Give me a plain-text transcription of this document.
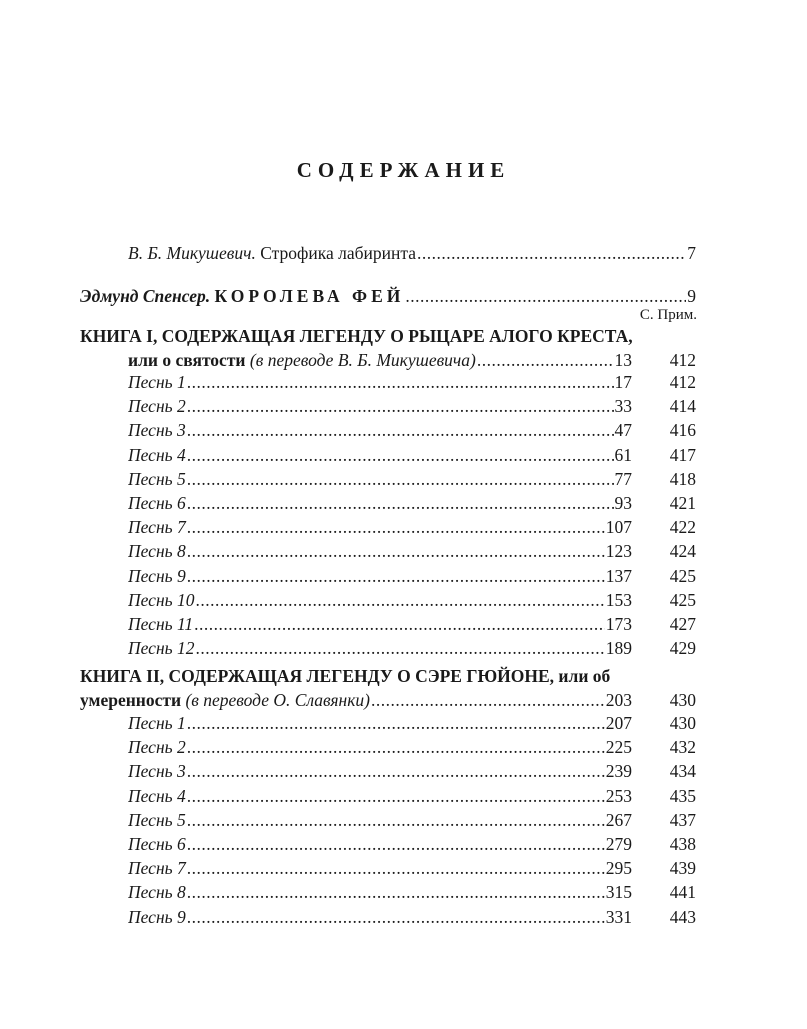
СОДЕРЖАНИЕ
В. Б. Микушевич.
Строфика лабиринта .....	7
Эдмунд Спенсер.
КОРОЛЕВА ФЕЙ .....	9
С. Прим.
КНИГА I, СОДЕРЖАЩАЯ ЛЕГЕНДУ О РЫЦАРЕ АЛОГО КРЕСТА,
или о святости
(в переводе В. Б. Микушевича) .....	13	412
Песнь 1 .....	17	412
Песнь 2 .....	33	414
Песнь 3 .....	47	416
Песнь 4 .....	61	417
Песнь 5 .....	77	418
Песнь 6 .....	93	421
Песнь 7 .....	107	422
Песнь 8 .....	123	424
Песнь 9 .....	137	425
Песнь 10 .....	153	425
Песнь 11 .....	173	427
Песнь 12 .....	189	429
КНИГА II, СОДЕРЖАЩАЯ ЛЕГЕНДУ О СЭРЕ ГЮЙОНЕ, или об
умеренности
(в переводе О. Славянки) .....	203	430
Песнь 1 .....	207	430
Песнь 2 .....	225	432
Песнь 3 .....	239	434
Песнь 4 .....	253	435
Песнь 5 .....	267	437
Песнь 6 .....	279	438
Песнь 7 .....	295	439
Песнь 8 .....	315	441
Песнь 9 .....	331	443
